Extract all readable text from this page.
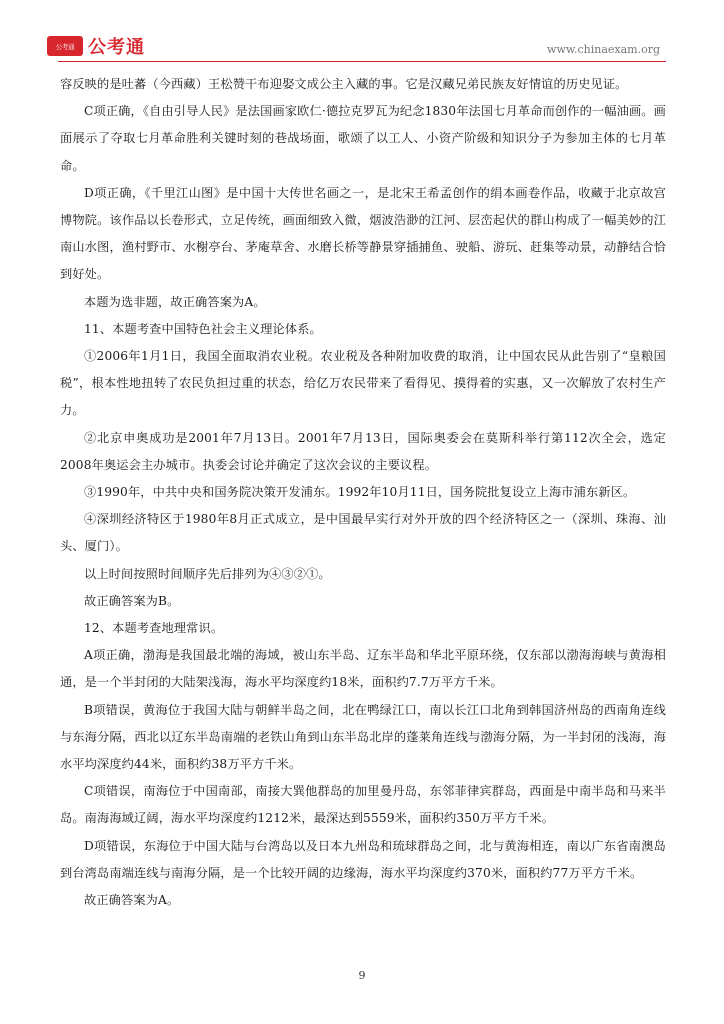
公考通 公考通	www.chinaexam.org

容反映的是吐蕃（今西藏）王松赞干布迎娶文成公主入藏的事。它是汉藏兄弟民族友好情谊的历史见证。

C项正确，《自由引导人民》是法国画家欧仁·德拉克罗瓦为纪念1830年法国七月革命而创作的一幅油画。画面展示了夺取七月革命胜利关键时刻的巷战场面，歌颂了以工人、小资产阶级和知识分子为参加主体的七月革命。

D项正确，《千里江山图》是中国十大传世名画之一，是北宋王希孟创作的绢本画卷作品，收藏于北京故宫博物院。该作品以长卷形式，立足传统，画面细致入微，烟波浩渺的江河、层峦起伏的群山构成了一幅美妙的江南山水图，渔村野市、水榭亭台、茅庵草舍、水磨长桥等静景穿插捕鱼、驶船、游玩、赶集等动景，动静结合恰到好处。

本题为选非题，故正确答案为A。

11、本题考查中国特色社会主义理论体系。

①2006年1月1日，我国全面取消农业税。农业税及各种附加收费的取消，让中国农民从此告别了“皇粮国税”，根本性地扭转了农民负担过重的状态，给亿万农民带来了看得见、摸得着的实惠，又一次解放了农村生产力。

②北京申奥成功是2001年7月13日。2001年7月13日，国际奥委会在莫斯科举行第112次全会，选定2008年奥运会主办城市。执委会讨论并确定了这次会议的主要议程。

③1990年，中共中央和国务院决策开发浦东。1992年10月11日，国务院批复设立上海市浦东新区。

④深圳经济特区于1980年8月正式成立，是中国最早实行对外开放的四个经济特区之一（深圳、珠海、汕头、厦门）。

以上时间按照时间顺序先后排列为④③②①。

故正确答案为B。

12、本题考查地理常识。

A项正确，渤海是我国最北端的海域，被山东半岛、辽东半岛和华北平原环绕，仅东部以渤海海峡与黄海相通，是一个半封闭的大陆架浅海，海水平均深度约18米，面积约7.7万平方千米。

B项错误，黄海位于我国大陆与朝鲜半岛之间，北在鸭绿江口，南以长江口北角到韩国济州岛的西南角连线与东海分隔，西北以辽东半岛南端的老铁山角到山东半岛北岸的蓬莱角连线与渤海分隔，为一半封闭的浅海，海水平均深度约44米，面积约38万平方千米。

C项错误，南海位于中国南部，南接大巽他群岛的加里曼丹岛，东邻菲律宾群岛，西面是中南半岛和马来半岛。南海海域辽阔，海水平均深度约1212米，最深达到5559米，面积约350万平方千米。

D项错误，东海位于中国大陆与台湾岛以及日本九州岛和琉球群岛之间，北与黄海相连，南以广东省南澳岛到台湾岛南端连线与南海分隔，是一个比较开阔的边缘海，海水平均深度约370米，面积约77万平方千米。

故正确答案为A。

9
